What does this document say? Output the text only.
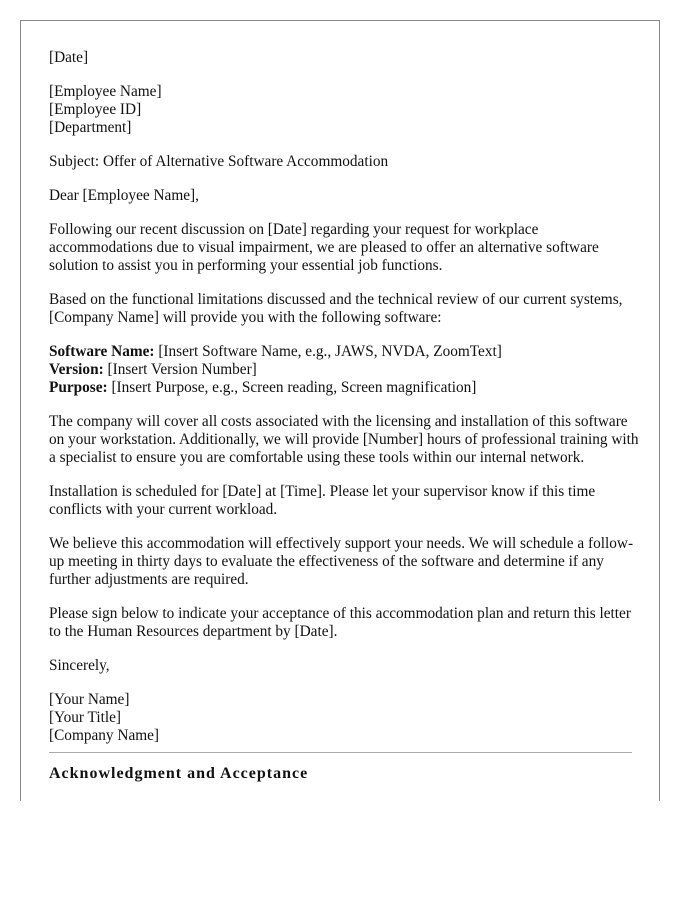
[Date]

[Employee Name]
[Employee ID]
[Department]

Subject: Offer of Alternative Software Accommodation

Dear [Employee Name],

Following our recent discussion on [Date] regarding your request for workplace accommodations due to visual impairment, we are pleased to offer an alternative software solution to assist you in performing your essential job functions.

Based on the functional limitations discussed and the technical review of our current systems, [Company Name] will provide you with the following software:

Software Name: [Insert Software Name, e.g., JAWS, NVDA, ZoomText]
Version: [Insert Version Number]
Purpose: [Insert Purpose, e.g., Screen reading, Screen magnification]

The company will cover all costs associated with the licensing and installation of this software on your workstation. Additionally, we will provide [Number] hours of professional training with a specialist to ensure you are comfortable using these tools within our internal network.

Installation is scheduled for [Date] at [Time]. Please let your supervisor know if this time conflicts with your current workload.

We believe this accommodation will effectively support your needs. We will schedule a follow-up meeting in thirty days to evaluate the effectiveness of the software and determine if any further adjustments are required.

Please sign below to indicate your acceptance of this accommodation plan and return this letter to the Human Resources department by [Date].

Sincerely,

[Your Name]
[Your Title]
[Company Name]

Acknowledgment and Acceptance
